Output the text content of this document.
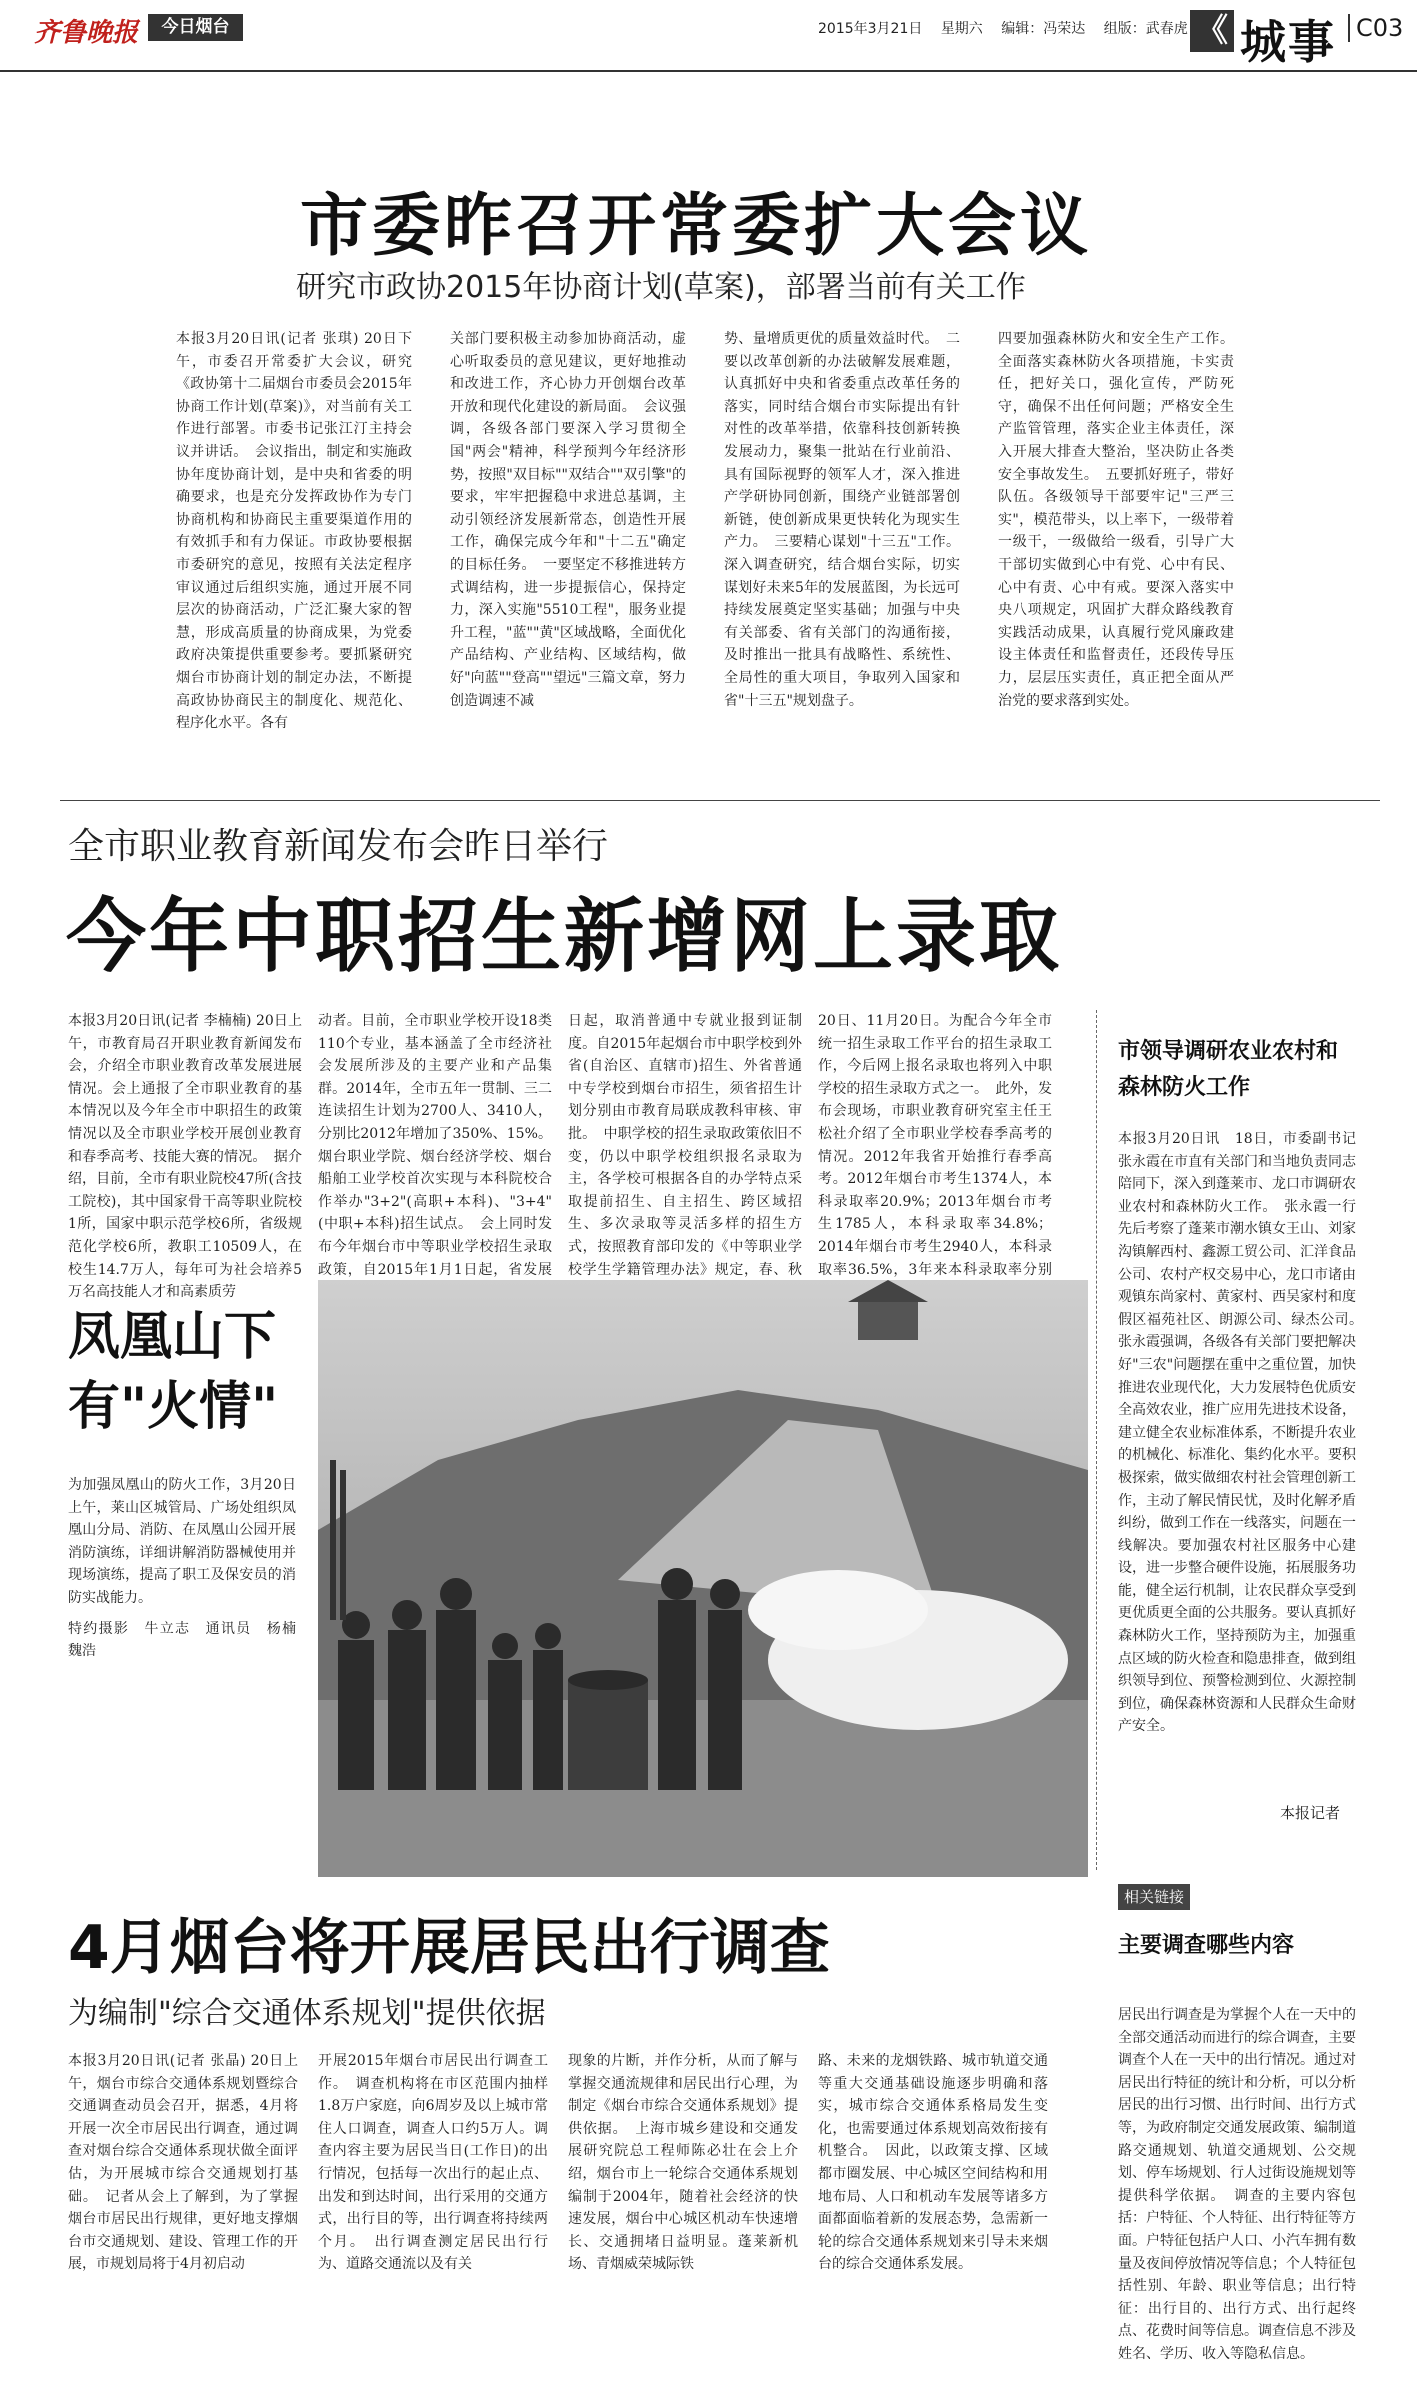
齐鲁晚报	今日烟台	2015年3月21日 星期六 编辑：冯荣达 组版：武春虎 《 城事 C03
市委昨召开常委扩大会议
研究市政协2015年协商计划(草案)，部署当前有关工作

本报3月20日讯(记者 张琪) 20日下午，市委召开常委扩大会议，研究《政协第十二届烟台市委员会2015年协商工作计划(草案)》，对当前有关工作进行部署。市委书记张江汀主持会议并讲话。　会议指出，制定和实施政协年度协商计划，是中央和省委的明确要求，也是充分发挥政协作为专门协商机构和协商民主重要渠道作用的有效抓手和有力保证。市政协要根据市委研究的意见，按照有关法定程序审议通过后组织实施，通过开展不同层次的协商活动，广泛汇聚大家的智慧，形成高质量的协商成果，为党委政府决策提供重要参考。要抓紧研究烟台市协商计划的制定办法，不断提高政协协商民主的制度化、规范化、程序化水平。各有

关部门要积极主动参加协商活动，虚心听取委员的意见建议，更好地推动和改进工作，齐心协力开创烟台改革开放和现代化建设的新局面。　会议强调，各级各部门要深入学习贯彻全国"两会"精神，科学预判今年经济形势，按照"双目标""双结合""双引擎"的要求，牢牢把握稳中求进总基调，主动引领经济发展新常态，创造性开展工作，确保完成今年和"十二五"确定的目标任务。　一要坚定不移推进转方式调结构，进一步提振信心，保持定力，深入实施"5510工程"，服务业提升工程，"蓝""黄"区域战略，全面优化产品结构、产业结构、区域结构，做好"向蓝""登高""望远"三篇文章，努力创造调速不减

势、量增质更优的质量效益时代。　二要以改革创新的办法破解发展难题，认真抓好中央和省委重点改革任务的落实，同时结合烟台市实际提出有针对性的改革举措，依靠科技创新转换发展动力，聚集一批站在行业前沿、具有国际视野的领军人才，深入推进产学研协同创新，围绕产业链部署创新链，使创新成果更快转化为现实生产力。　三要精心谋划"十三五"工作。深入调查研究，结合烟台实际，切实谋划好未来5年的发展蓝图，为长远可持续发展奠定坚实基础；加强与中央有关部委、省有关部门的沟通衔接，及时推出一批具有战略性、系统性、全局性的重大项目，争取列入国家和省"十三五"规划盘子。

四要加强森林防火和安全生产工作。全面落实森林防火各项措施，卡实责任，把好关口，强化宣传，严防死守，确保不出任何问题；严格安全生产监管管理，落实企业主体责任，深入开展大排查大整治，坚决防止各类安全事故发生。　五要抓好班子，带好队伍。各级领导干部要牢记"三严三实"，模范带头，以上率下，一级带着一级干，一级做给一级看，引导广大干部切实做到心中有党、心中有民、心中有责、心中有戒。要深入落实中央八项规定，巩固扩大群众路线教育实践活动成果，认真履行党风廉政建设主体责任和监督责任，还段传导压力，层层压实责任，真正把全面从严治党的要求落到实处。

全市职业教育新闻发布会昨日举行
今年中职招生新增网上录取

本报3月20日讯(记者 李楠楠) 20日上午，市教育局召开职业教育新闻发布会，介绍全市职业教育改革发展进展情况。会上通报了全市职业教育的基本情况以及今年全市中职招生的政策情况以及全市职业学校开展创业教育和春季高考、技能大赛的情况。　据介绍，目前，全市有职业院校47所(含技工院校)，其中国家骨干高等职业院校1所，国家中职示范学校6所，省级规范化学校6所，教职工10509人，在校生14.7万人，每年可为社会培养5万名高技能人才和高素质劳

动者。目前，全市职业学校开设18类110个专业，基本涵盖了全市经济社会发展所涉及的主要产业和产品集群。2014年，全市五年一贯制、三二连读招生计划为2700人、3410人，分别比2012年增加了350%、15%。烟台职业学院、烟台经济学校、烟台船舶工业学校首次实现与本科院校合作举办"3+2"(高职+本科)、"3+4"(中职+本科)招生试点。　会上同时发布今年烟台市中等职业学校招生录取政策，自2015年1月1日起，省发展

日起，取消普通中专就业报到证制度。自2015年起烟台市中职学校到外省(自治区、直辖市)招生、外省普通中专学校到烟台市招生，须省招生计划分别由市教育局联成教科审核、审批。　中职学校的招生录取政策依旧不变，仍以中职学校组织报名录取为主，各学校可根据各自的办学特点采取提前招生、自主招生、跨区域招生、多次录取等灵活多样的招生方式，按照教育部印发的《中等职业学校学生学籍管理办法》规定，春、秋

20日、11月20日。为配合今年全市统一招生录取工作平台的招生录取工作，今后网上报名录取也将列入中职学校的招生录取方式之一。　此外，发布会现场，市职业教育研究室主任王松社介绍了全市职业学校春季高考的情况。2012年我省开始推行春季高考。2012年烟台市考生1374人，本科录取率20.9%；2013年烟台市考生1785人，本科录取率34.8%；2014年烟台市考生2940人，本科录取率36.5%，3年来本科录取率分别

市领导调研农业农村和森林防火工作

本报3月20日讯　18日，市委副书记张永霞在市直有关部门和当地负责同志陪同下，深入到蓬莱市、龙口市调研农业农村和森林防火工作。　张永霞一行先后考察了蓬莱市潮水镇女王山、刘家沟镇解西村、鑫源工贸公司、汇洋食品公司、农村产权交易中心，龙口市诸由观镇东尚家村、黄家村、西吴家村和度假区福苑社区、朗源公司、绿杰公司。　张永霞强调，各级各有关部门要把解决好"三农"问题摆在重中之重位置，加快推进农业现代化，大力发展特色优质安全高效农业，推广应用先进技术设备，建立健全农业标准体系，不断提升农业的机械化、标准化、集约化水平。要积极探索，做实做细农村社会管理创新工作，主动了解民情民忧，及时化解矛盾纠纷，做到工作在一线落实，问题在一线解决。要加强农村社区服务中心建设，进一步整合硬件设施，拓展服务功能，健全运行机制，让农民群众享受到更优质更全面的公共服务。要认真抓好森林防火工作，坚持预防为主，加强重点区域的防火检查和隐患排查，做到组织领导到位、预警检测到位、火源控制到位，确保森林资源和人民群众生命财产安全。

本报记者
凤凰山下
有"火情"

为加强凤凰山的防火工作，3月20日上午，莱山区城管局、广场处组织凤凰山分局、消防、在凤凰山公园开展消防演练，详细讲解消防器械使用并现场演练，提高了职工及保安员的消防实战能力。

特约摄影　牛立志　通讯员　杨楠　魏浩

相关链接
主要调查哪些内容

居民出行调查是为掌握个人在一天中的全部交通活动而进行的综合调查，主要调查个人在一天中的出行情况。通过对居民出行特征的统计和分析，可以分析居民的出行习惯、出行时间、出行方式等，为政府制定交通发展政策、编制道路交通规划、轨道交通规划、公交规划、停车场规划、行人过街设施规划等提供科学依据。　调查的主要内容包括：户特征、个人特征、出行特征等方面。户特征包括户人口、小汽车拥有数量及夜间停放情况等信息；个人特征包括性别、年龄、职业等信息；出行特征：出行目的、出行方式、出行起终点、花费时间等信息。调查信息不涉及姓名、学历、收入等隐私信息。

4月烟台将开展居民出行调查
为编制"综合交通体系规划"提供依据

本报3月20日讯(记者 张晶) 20日上午，烟台市综合交通体系规划暨综合交通调查动员会召开，据悉，4月将开展一次全市居民出行调查，通过调查对烟台综合交通体系现状做全面评估，为开展城市综合交通规划打基础。　记者从会上了解到，为了掌握烟台市居民出行规律，更好地支撑烟台市交通规划、建设、管理工作的开展，市规划局将于4月初启动

开展2015年烟台市居民出行调查工作。　调查机构将在市区范围内抽样1.8万户家庭，向6周岁及以上城市常住人口调查，调查人口约5万人。调查内容主要为居民当日(工作日)的出行情况，包括每一次出行的起止点、出发和到达时间，出行采用的交通方式，出行目的等，出行调查将持续两个月。　出行调查测定居民出行行为、道路交通流以及有关

现象的片断，并作分析，从而了解与掌握交通流规律和居民出行心理，为制定《烟台市综合交通体系规划》提供依据。　上海市城乡建设和交通发展研究院总工程师陈必壮在会上介绍，烟台市上一轮综合交通体系规划编制于2004年，随着社会经济的快速发展，烟台中心城区机动车快速增长、交通拥堵日益明显。蓬莱新机场、青烟威荣城际铁

路、未来的龙烟铁路、城市轨道交通等重大交通基础设施逐步明确和落实，城市综合交通体系格局发生变化，也需要通过体系规划高效衔接有机整合。　因此，以政策支撑、区域都市圈发展、中心城区空间结构和用地布局、人口和机动车发展等诸多方面都面临着新的发展态势，急需新一轮的综合交通体系规划来引导未来烟台的综合交通体系发展。
